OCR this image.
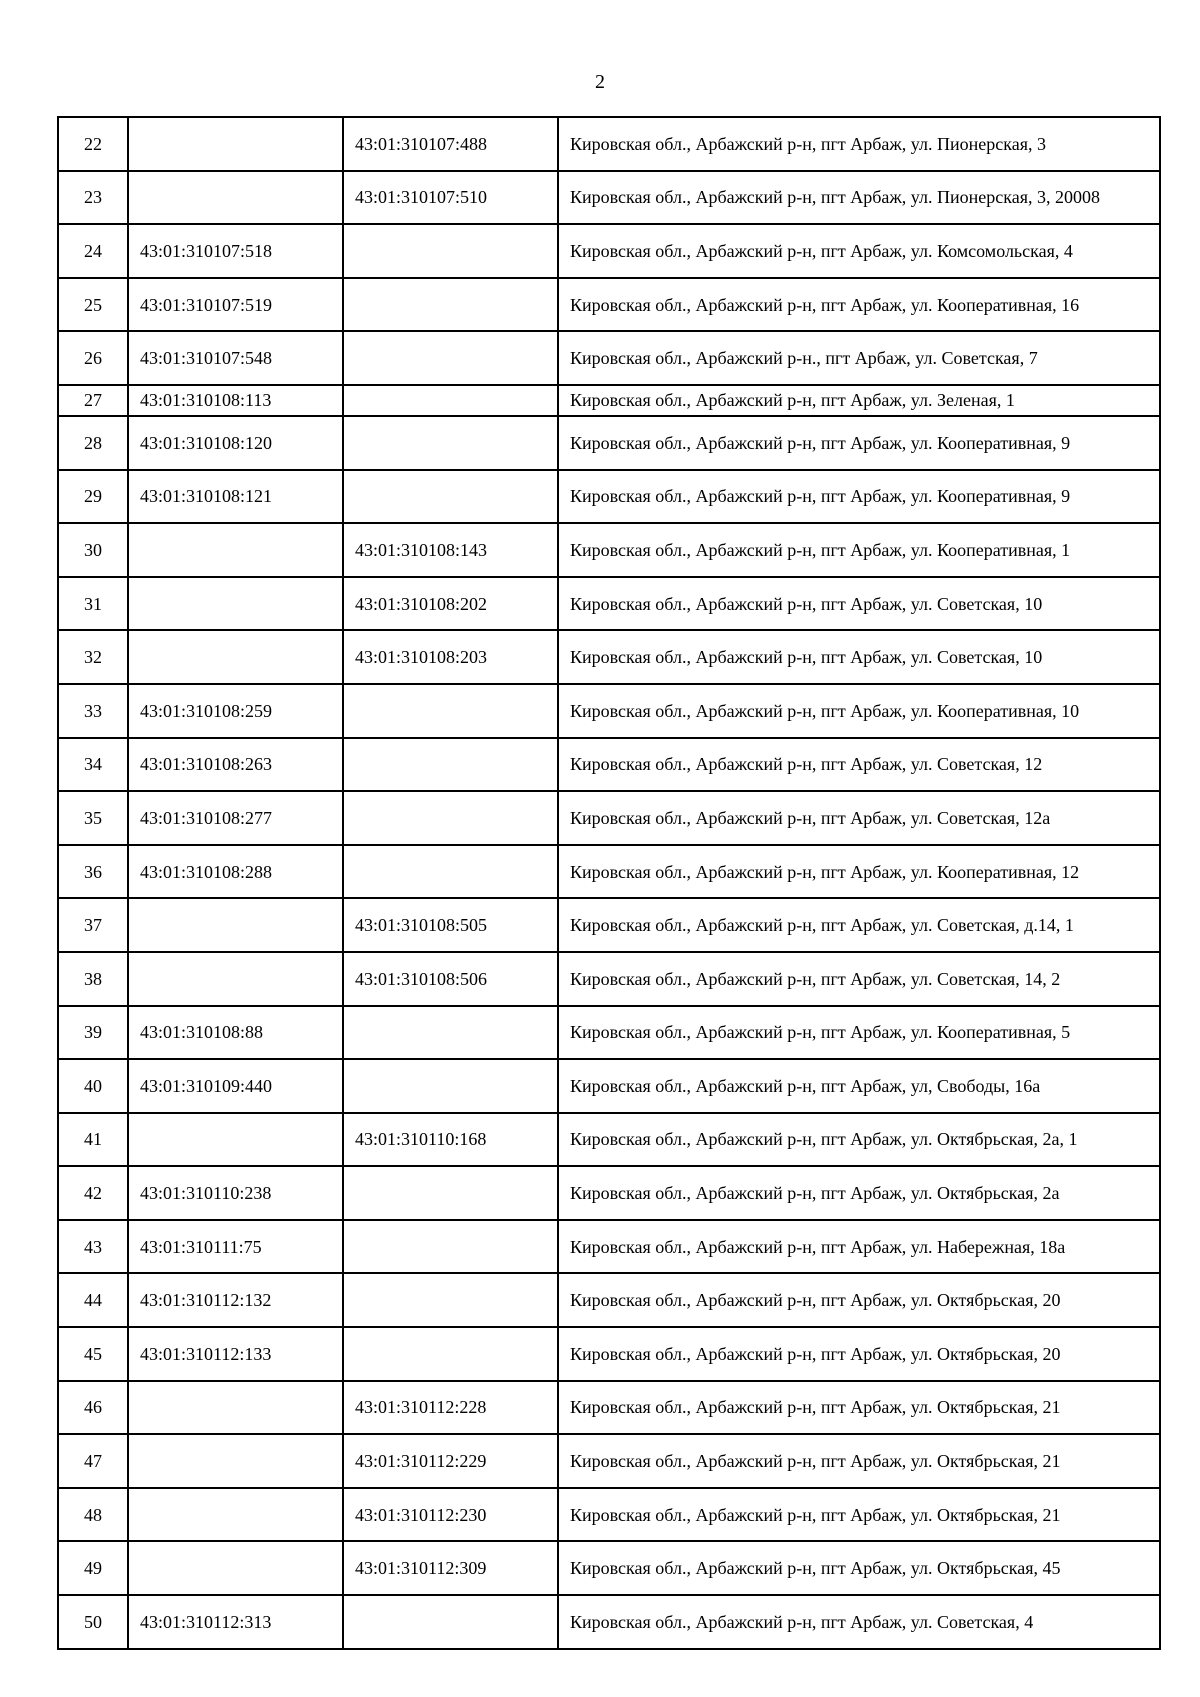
2
22		43:01:310107:488	Кировская обл., Арбажский р-н, пгт Арбаж, ул. Пионерская, 3
23		43:01:310107:510	Кировская обл., Арбажский р-н, пгт Арбаж, ул. Пионерская, 3, 20008
24	43:01:310107:518		Кировская обл., Арбажский р-н, пгт Арбаж, ул. Комсомольская, 4
25	43:01:310107:519		Кировская обл., Арбажский р-н, пгт Арбаж, ул. Кооперативная, 16
26	43:01:310107:548		Кировская обл., Арбажский р-н., пгт Арбаж, ул. Советская, 7
27	43:01:310108:113		Кировская обл., Арбажский р-н, пгт Арбаж, ул. Зеленая, 1
28	43:01:310108:120		Кировская обл., Арбажский р-н, пгт Арбаж, ул. Кооперативная, 9
29	43:01:310108:121		Кировская обл., Арбажский р-н, пгт Арбаж, ул. Кооперативная, 9
30		43:01:310108:143	Кировская обл., Арбажский р-н, пгт Арбаж, ул. Кооперативная, 1
31		43:01:310108:202	Кировская обл., Арбажский р-н, пгт Арбаж, ул. Советская, 10
32		43:01:310108:203	Кировская обл., Арбажский р-н, пгт Арбаж, ул. Советская, 10
33	43:01:310108:259		Кировская обл., Арбажский р-н, пгт Арбаж, ул. Кооперативная, 10
34	43:01:310108:263		Кировская обл., Арбажский р-н, пгт Арбаж, ул. Советская, 12
35	43:01:310108:277		Кировская обл., Арбажский р-н, пгт Арбаж, ул. Советская, 12а
36	43:01:310108:288		Кировская обл., Арбажский р-н, пгт Арбаж, ул. Кооперативная, 12
37		43:01:310108:505	Кировская обл., Арбажский р-н, пгт Арбаж, ул. Советская, д.14, 1
38		43:01:310108:506	Кировская обл., Арбажский р-н, пгт Арбаж, ул. Советская, 14, 2
39	43:01:310108:88		Кировская обл., Арбажский р-н, пгт Арбаж, ул. Кооперативная, 5
40	43:01:310109:440		Кировская обл., Арбажский р-н, пгт Арбаж, ул, Свободы, 16а
41		43:01:310110:168	Кировская обл., Арбажский р-н, пгт Арбаж, ул. Октябрьская, 2а, 1
42	43:01:310110:238		Кировская обл., Арбажский р-н, пгт Арбаж, ул. Октябрьская, 2а
43	43:01:310111:75		Кировская обл., Арбажский р-н, пгт Арбаж, ул. Набережная, 18а
44	43:01:310112:132		Кировская обл., Арбажский р-н, пгт Арбаж, ул. Октябрьская, 20
45	43:01:310112:133		Кировская обл., Арбажский р-н, пгт Арбаж, ул. Октябрьская, 20
46		43:01:310112:228	Кировская обл., Арбажский р-н, пгт Арбаж, ул. Октябрьская, 21
47		43:01:310112:229	Кировская обл., Арбажский р-н, пгт Арбаж, ул. Октябрьская, 21
48		43:01:310112:230	Кировская обл., Арбажский р-н, пгт Арбаж, ул. Октябрьская, 21
49		43:01:310112:309	Кировская обл., Арбажский р-н, пгт Арбаж, ул. Октябрьская, 45
50	43:01:310112:313		Кировская обл., Арбажский р-н, пгт Арбаж, ул. Советская, 4
